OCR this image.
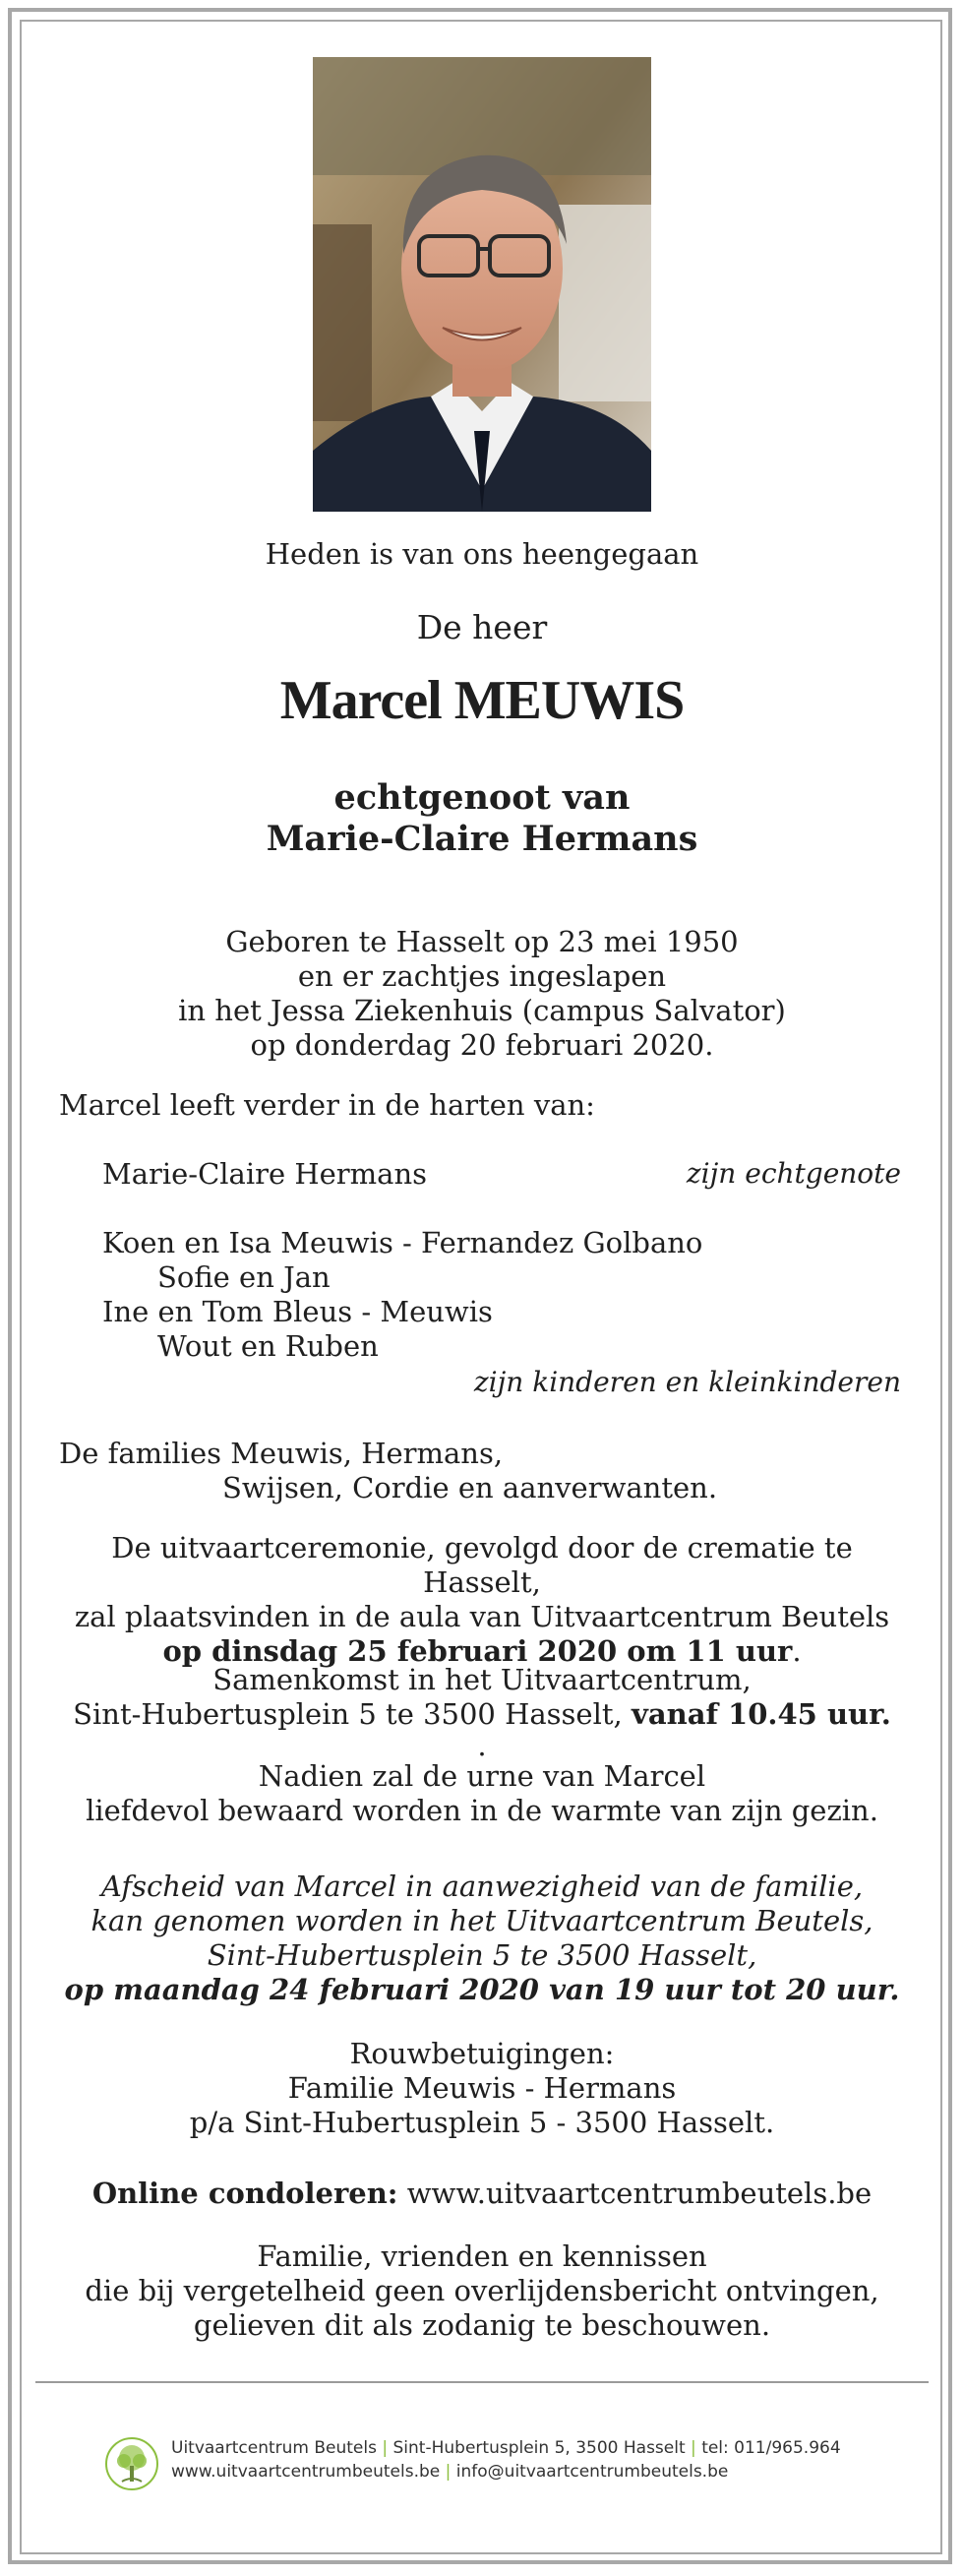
Heden is van ons heengegaan
De heer
Marcel MEUWIS
echtgenoot van
Marie-Claire Hermans
Geboren te Hasselt op 23 mei 1950
en er zachtjes ingeslapen
in het Jessa Ziekenhuis (campus Salvator)
op donderdag 20 februari 2020.
Marcel leeft verder in de harten van:
Marie-Claire Hermans	zijn echtgenote
Koen en Isa Meuwis - Fernandez Golbano
Sofie en Jan
Ine en Tom Bleus - Meuwis
Wout en Ruben
zijn kinderen en kleinkinderen
De families Meuwis, Hermans,
Swijsen, Cordie en aanverwanten.
De uitvaartceremonie, gevolgd door de crematie te Hasselt,
zal plaatsvinden in de aula van Uitvaartcentrum Beutels
op dinsdag 25 februari 2020 om 11 uur.
Samenkomst in het Uitvaartcentrum,
Sint-Hubertusplein 5 te 3500 Hasselt, vanaf 10.45 uur.
.
Nadien zal de urne van Marcel
liefdevol bewaard worden in de warmte van zijn gezin.
Afscheid van Marcel in aanwezigheid van de familie,
kan genomen worden in het Uitvaartcentrum Beutels,
Sint-Hubertusplein 5 te 3500 Hasselt,
op maandag 24 februari 2020 van 19 uur tot 20 uur.
Rouwbetuigingen:
Familie Meuwis - Hermans
p/a Sint-Hubertusplein 5 - 3500 Hasselt.
Online condoleren: www.uitvaartcentrumbeutels.be
Familie, vrienden en kennissen
die bij vergetelheid geen overlijdensbericht ontvingen,
gelieven dit als zodanig te beschouwen.
Uitvaartcentrum Beutels | Sint-Hubertusplein 5, 3500 Hasselt | tel: 011/965.964
www.uitvaartcentrumbeutels.be | info@uitvaartcentrumbeutels.be
